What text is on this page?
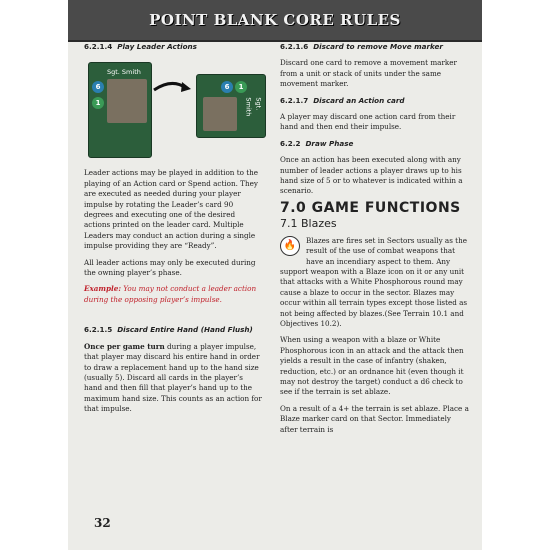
POINT BLANK CORE RULES
6.2.1.4 Play Leader Actions
Sgt. Smith
6
1	Sgt. Smith
6	1

Leader actions may be played in addition to the playing of an Action card or Spend action. They are executed as needed during your player impulse by rotating the Leader’s card 90 degrees and executing one of the desired actions printed on the leader card. Multiple Leaders may conduct an action during a single impulse providing they are “Ready”.

All leader actions may only be executed during the owning player’s phase.

Example: You may not conduct a leader action during the opposing player’s impulse.

6.2.1.5 Discard Entire Hand (Hand Flush)

Once per game turn during a player impulse, that player may discard his entire hand in order to draw a replacement hand up to the hand size (usually 5). Discard all cards in the player’s hand and then fill that player’s hand up to the maximum hand size. This counts as an action for that impulse.

6.2.1.6 Discard to remove Move marker

Discard one card to remove a movement marker from a unit or stack of units under the same movement marker.

6.2.1.7 Discard an Action card

A player may discard one action card from their hand and then end their impulse.

6.2.2 Draw Phase

Once an action has been executed along with any number of leader actions a player draws up to his hand size of 5 or to whatever is indicated within a scenario.

7.0 GAME FUNCTIONS
7.1 Blazes

🔥	Blazes are fires set in Sectors usually as the result of the use of combat weapons that have an incendiary aspect to them. Any support weapon with a Blaze icon on it or any unit that attacks with a White Phosphorous round may cause a blaze to occur in the sector. Blazes may occur within all terrain types except those listed as not being affected by blazes.(See Terrain 10.1 and Objectives 10.2).

When using a weapon with a blaze or White Phosphorous icon in an attack and the attack then yields a result in the case of infantry (shaken, reduction, etc.) or an ordnance hit (even though it may not destroy the target) conduct a d6 check to see if the terrain is set ablaze.

On a result of a 4+ the terrain is set ablaze. Place a Blaze marker card on that Sector. Immediately after terrain is

32
